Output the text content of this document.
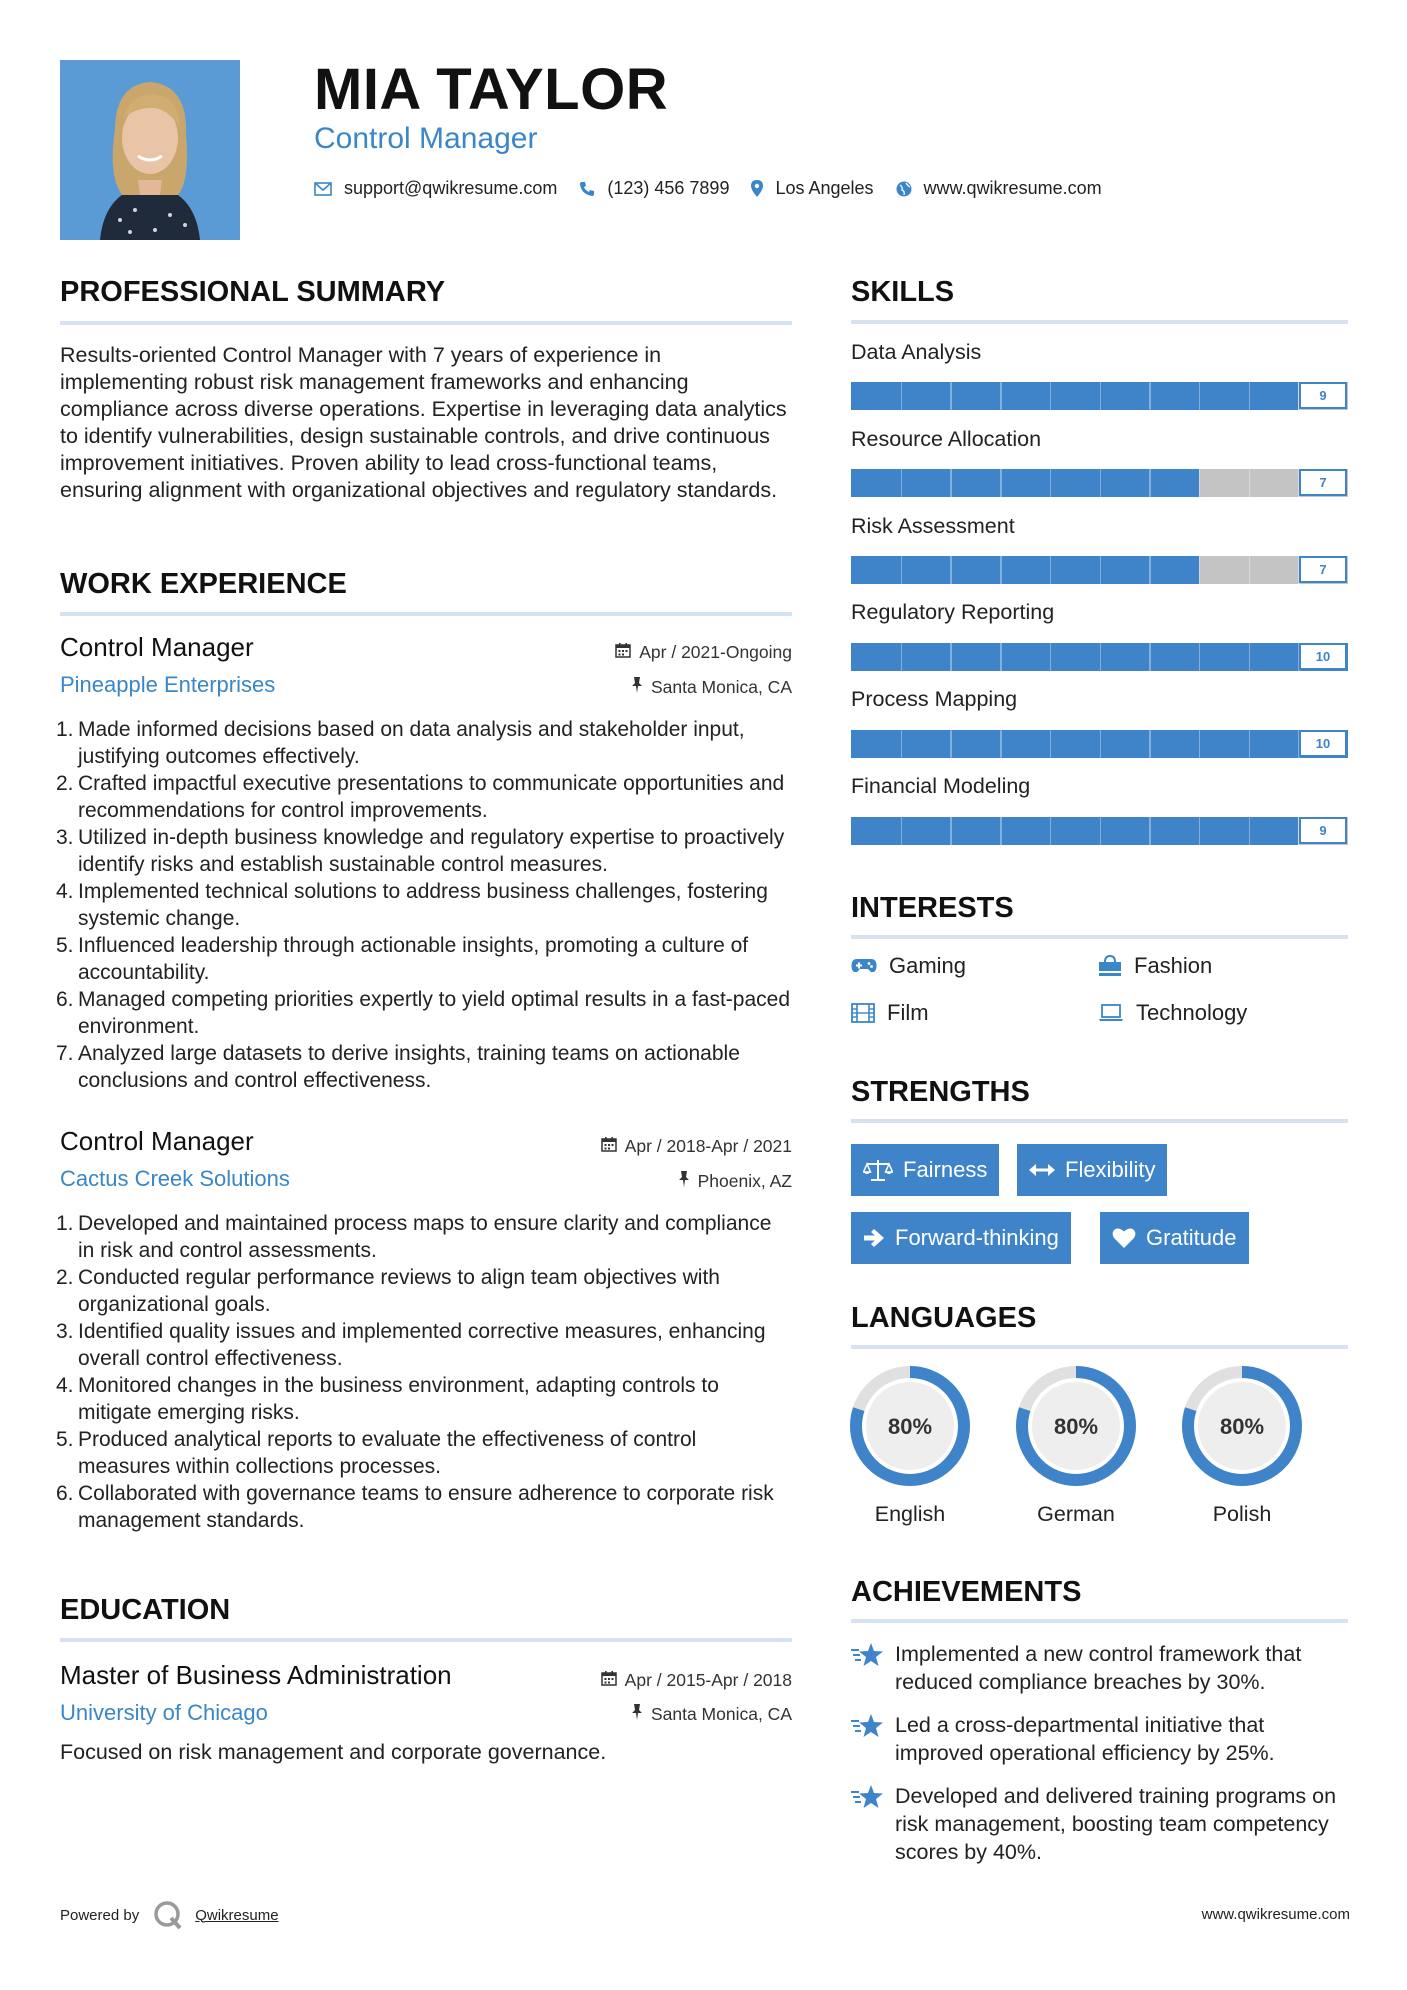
MIA TAYLOR
Control Manager
support@qwikresume.com	(123) 456 7899	Los Angeles	www.qwikresume.com
PROFESSIONAL SUMMARY
Results-oriented Control Manager with 7 years of experience in implementing robust risk management frameworks and enhancing compliance across diverse operations. Expertise in leveraging data analytics to identify vulnerabilities, design sustainable controls, and drive continuous improvement initiatives. Proven ability to lead cross-functional teams, ensuring alignment with organizational objectives and regulatory standards.
WORK EXPERIENCE
Control Manager	Apr / 2021-Ongoing
Pineapple Enterprises	Santa Monica, CA
1. Made informed decisions based on data analysis and stakeholder input, justifying outcomes effectively.
2. Crafted impactful executive presentations to communicate opportunities and recommendations for control improvements.
3. Utilized in-depth business knowledge and regulatory expertise to proactively identify risks and establish sustainable control measures.
4. Implemented technical solutions to address business challenges, fostering systemic change.
5. Influenced leadership through actionable insights, promoting a culture of accountability.
6. Managed competing priorities expertly to yield optimal results in a fast-paced environment.
7. Analyzed large datasets to derive insights, training teams on actionable conclusions and control effectiveness.
Control Manager	Apr / 2018-Apr / 2021
Cactus Creek Solutions	Phoenix, AZ
1. Developed and maintained process maps to ensure clarity and compliance in risk and control assessments.
2. Conducted regular performance reviews to align team objectives with organizational goals.
3. Identified quality issues and implemented corrective measures, enhancing overall control effectiveness.
4. Monitored changes in the business environment, adapting controls to mitigate emerging risks.
5. Produced analytical reports to evaluate the effectiveness of control measures within collections processes.
6. Collaborated with governance teams to ensure adherence to corporate risk management standards.
EDUCATION
Master of Business Administration	Apr / 2015-Apr / 2018
University of Chicago	Santa Monica, CA
Focused on risk management and corporate governance.
SKILLS
Data Analysis
9
Resource Allocation
7
Risk Assessment
7
Regulatory Reporting
10
Process Mapping
10
Financial Modeling
9
INTERESTS
Gaming	Fashion
Film	Technology
STRENGTHS
Fairness	Flexibility
Forward-thinking	Gratitude
LANGUAGES
80%
English
80%
German
80%
Polish
ACHIEVEMENTS
Implemented a new control framework that reduced compliance breaches by 30%.
Led a cross-departmental initiative that improved operational efficiency by 25%.
Developed and delivered training programs on risk management, boosting team competency scores by 40%.
Powered by	Qwikresume	www.qwikresume.com
